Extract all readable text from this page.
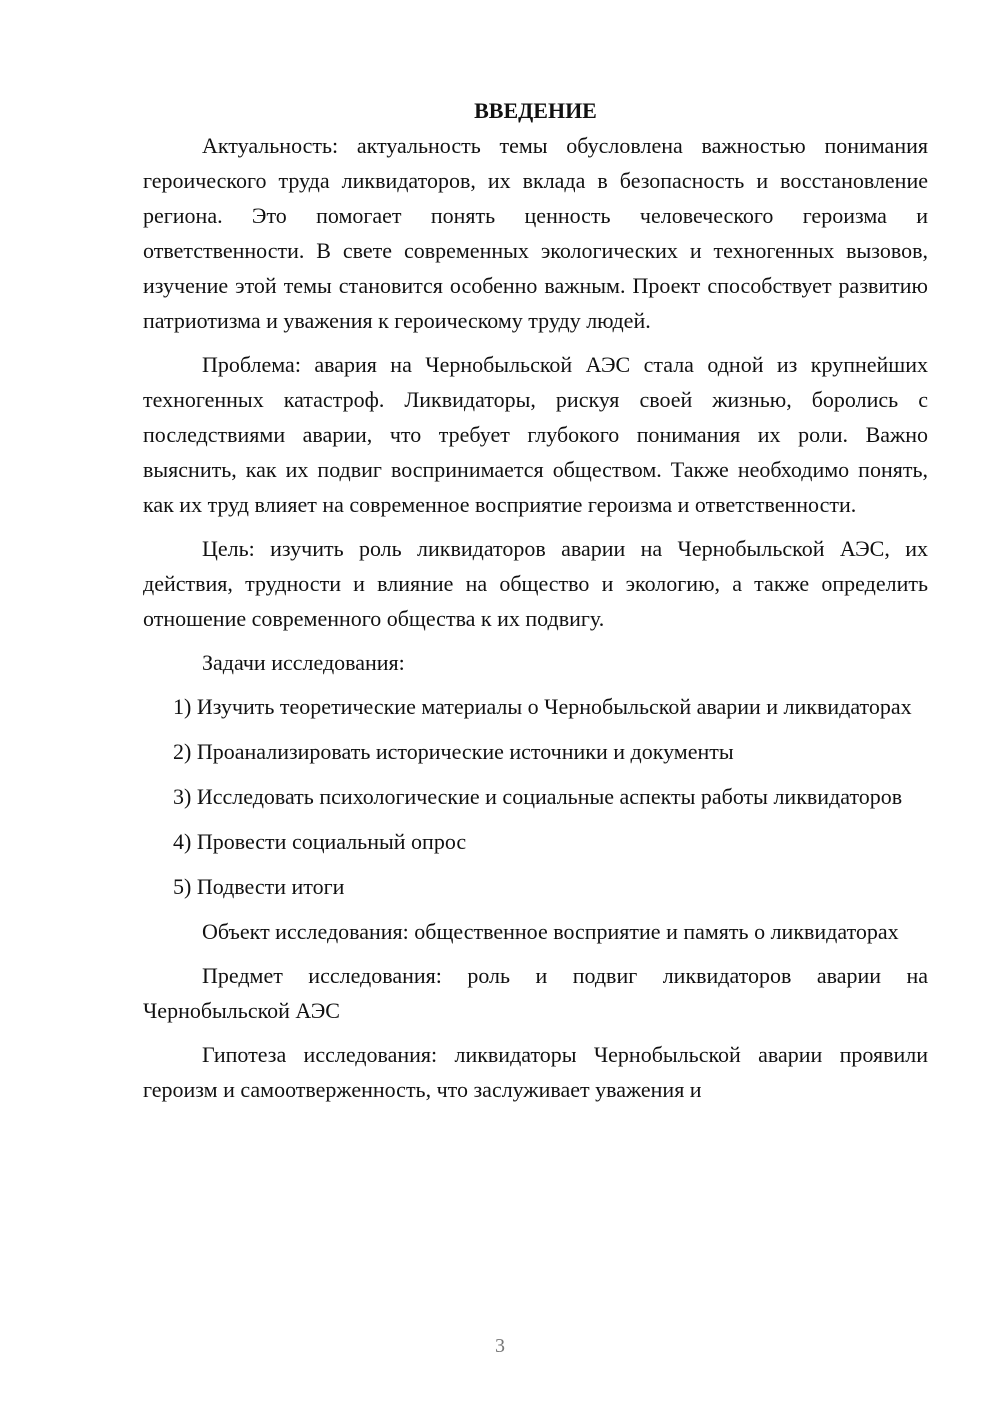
ВВЕДЕНИЕ

Актуальность: актуальность темы обусловлена важностью понимания героического труда ликвидаторов, их вклада в безопасность и восстановление региона. Это помогает понять ценность человеческого героизма и ответственности. В свете современных экологических и техногенных вызовов, изучение этой темы становится особенно важным. Проект способствует развитию патриотизма и уважения к героическому труду людей.

Проблема: авария на Чернобыльской АЭС стала одной из крупнейших техногенных катастроф. Ликвидаторы, рискуя своей жизнью, боролись с последствиями аварии, что требует глубокого понимания их роли. Важно выяснить, как их подвиг воспринимается обществом. Также необходимо понять, как их труд влияет на современное восприятие героизма и ответственности.

Цель: изучить роль ликвидаторов аварии на Чернобыльской АЭС, их действия, трудности и влияние на общество и экологию, а также определить отношение современного общества к их подвигу.

Задачи исследования:

1) Изучить теоретические материалы о Чернобыльской аварии и ликвидаторах

2) Проанализировать исторические источники и документы

3) Исследовать психологические и социальные аспекты работы ликвидаторов

4) Провести социальный опрос

5) Подвести итоги

Объект исследования: общественное восприятие и память о ликвидаторах

Предмет исследования: роль и подвиг ликвидаторов аварии на Чернобыльской АЭС

Гипотеза исследования: ликвидаторы Чернобыльской аварии проявили героизм и самоотверженность, что заслуживает уважения и

3
